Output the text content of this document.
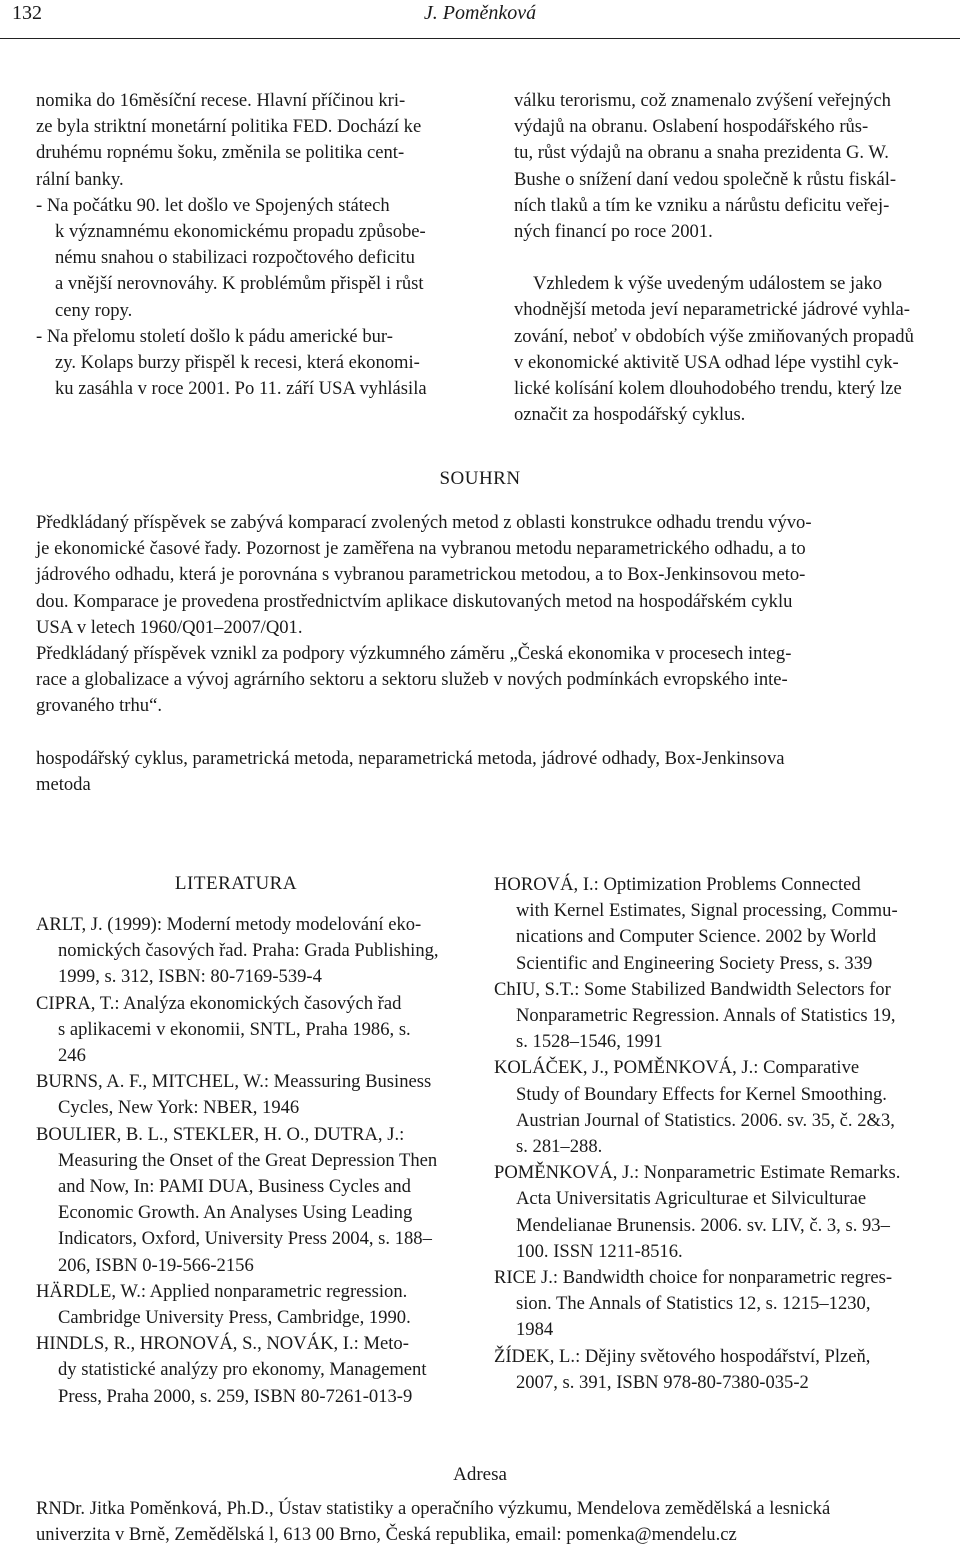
132	J. Poměnková
nomika do 16měsíční recese. Hlavní příčinou kri-
ze byla striktní monetární politika FED. Dochází ke
druhému ropnému šoku, změnila se politika cent-
rální banky.
- Na počátku 90. let došlo ve Spojených státech
k významnému ekonomickému propadu způsobe-
nému snahou o stabilizaci rozpočtového deficitu
a vnější nerovnováhy. K problémům přispěl i růst
ceny ropy.
- Na přelomu století došlo k pádu americké bur-
zy. Kolaps burzy přispěl k recesi, která ekonomi-
ku zasáhla v roce 2001. Po 11. září USA vyhlásila
válku terorismu, což znamenalo zvýšení veřejných
výdajů na obranu. Oslabení hospodářského růs-
tu, růst výdajů na obranu a snaha prezidenta G. W.
Bushe o snížení daní vedou společně k růstu fiskál-
ních tlaků a tím ke vzniku a nárůstu deficitu veřej-
ných financí po roce 2001.
Vzhledem k výše uvedeným událostem se jako
vhodnější metoda jeví neparametrické jádrové vyhla-
zování, neboť v obdobích výše zmiňovaných propadů
v ekonomické aktivitě USA odhad lépe vystihl cyk-
lické kolísání kolem dlouhodobého trendu, který lze
označit za hospodářský cyklus.
SOUHRN
Předkládaný příspěvek se zabývá komparací zvolených metod z oblasti konstrukce odhadu trendu vývo-
je ekonomické časové řady. Pozornost je zaměřena na vybranou metodu neparametrického odhadu, a to
jádrového odhadu, která je porovnána s vybranou parametrickou metodou, a to Box-Jenkinsovou meto-
dou. Komparace je provedena prostřednictvím aplikace diskutovaných metod na hospodářském cyklu
USA v letech 1960/Q01–2007/Q01.
Předkládaný příspěvek vznikl za podpory výzkumného záměru „Česká ekonomika v procesech integ-
race a globalizace a vývoj agrárního sektoru a sektoru služeb v nových podmínkách evropského inte-
grovaného trhu“.
hospodářský cyklus, parametrická metoda, neparametrická metoda, jádrové odhady, Box-Jenkinsova
metoda
LITERATURA
ARLT, J. (1999): Moderní metody modelování eko-
nomických časových řad. Praha: Grada Publishing,
1999, s. 312, ISBN: 80-7169-539-4
CIPRA, T.: Analýza ekonomických časových řad
s aplikacemi v ekonomii, SNTL, Praha 1986, s.
246
BURNS, A. F., MITCHEL, W.: Meassuring Business
Cycles, New York: NBER, 1946
BOULIER, B. L., STEKLER, H. O., DUTRA, J.:
Measuring the Onset of the Great Depression Then
and Now, In: PAMI DUA, Business Cycles and
Economic Growth. An Analyses Using Leading
Indicators, Oxford, University Press 2004, s. 188–
206, ISBN 0-19-566-2156
HÄRDLE, W.: Applied nonparametric regression.
Cambridge University Press, Cambridge, 1990.
HINDLS, R., HRONOVÁ, S., NOVÁK, I.: Meto-
dy statistické analýzy pro ekonomy, Management
Press, Praha 2000, s. 259, ISBN 80-7261-013-9
HOROVÁ, I.: Optimization Problems Connected
with Kernel Estimates, Signal processing, Commu-
nications and Computer Science. 2002 by World
Scientific and Engineering Society Press, s. 339
ChIU, S.T.: Some Stabilized Bandwidth Selectors for
Nonparametric Regression. Annals of Statistics 19,
s. 1528–1546, 1991
KOLÁČEK, J., POMĚNKOVÁ, J.: Comparative
Study of Boundary Effects for Kernel Smoothing.
Austrian Journal of Statistics. 2006. sv. 35, č. 2&3,
s. 281–288.
POMĚNKOVÁ, J.: Nonparametric Estimate Remarks.
Acta Universitatis Agriculturae et Silviculturae
Mendelianae Brunensis. 2006. sv. LIV, č. 3, s. 93–
100. ISSN 1211-8516.
RICE J.: Bandwidth choice for nonparametric regres-
sion. The Annals of Statistics 12, s. 1215–1230,
1984
ŽÍDEK, L.: Dějiny světového hospodářství, Plzeň,
2007, s. 391, ISBN 978-80-7380-035-2
Adresa
RNDr. Jitka Poměnková, Ph.D., Ústav statistiky a operačního výzkumu, Mendelova zemědělská a lesnická
univerzita v Brně, Zemědělská l, 613 00 Brno, Česká republika, email: pomenka@mendelu.cz
